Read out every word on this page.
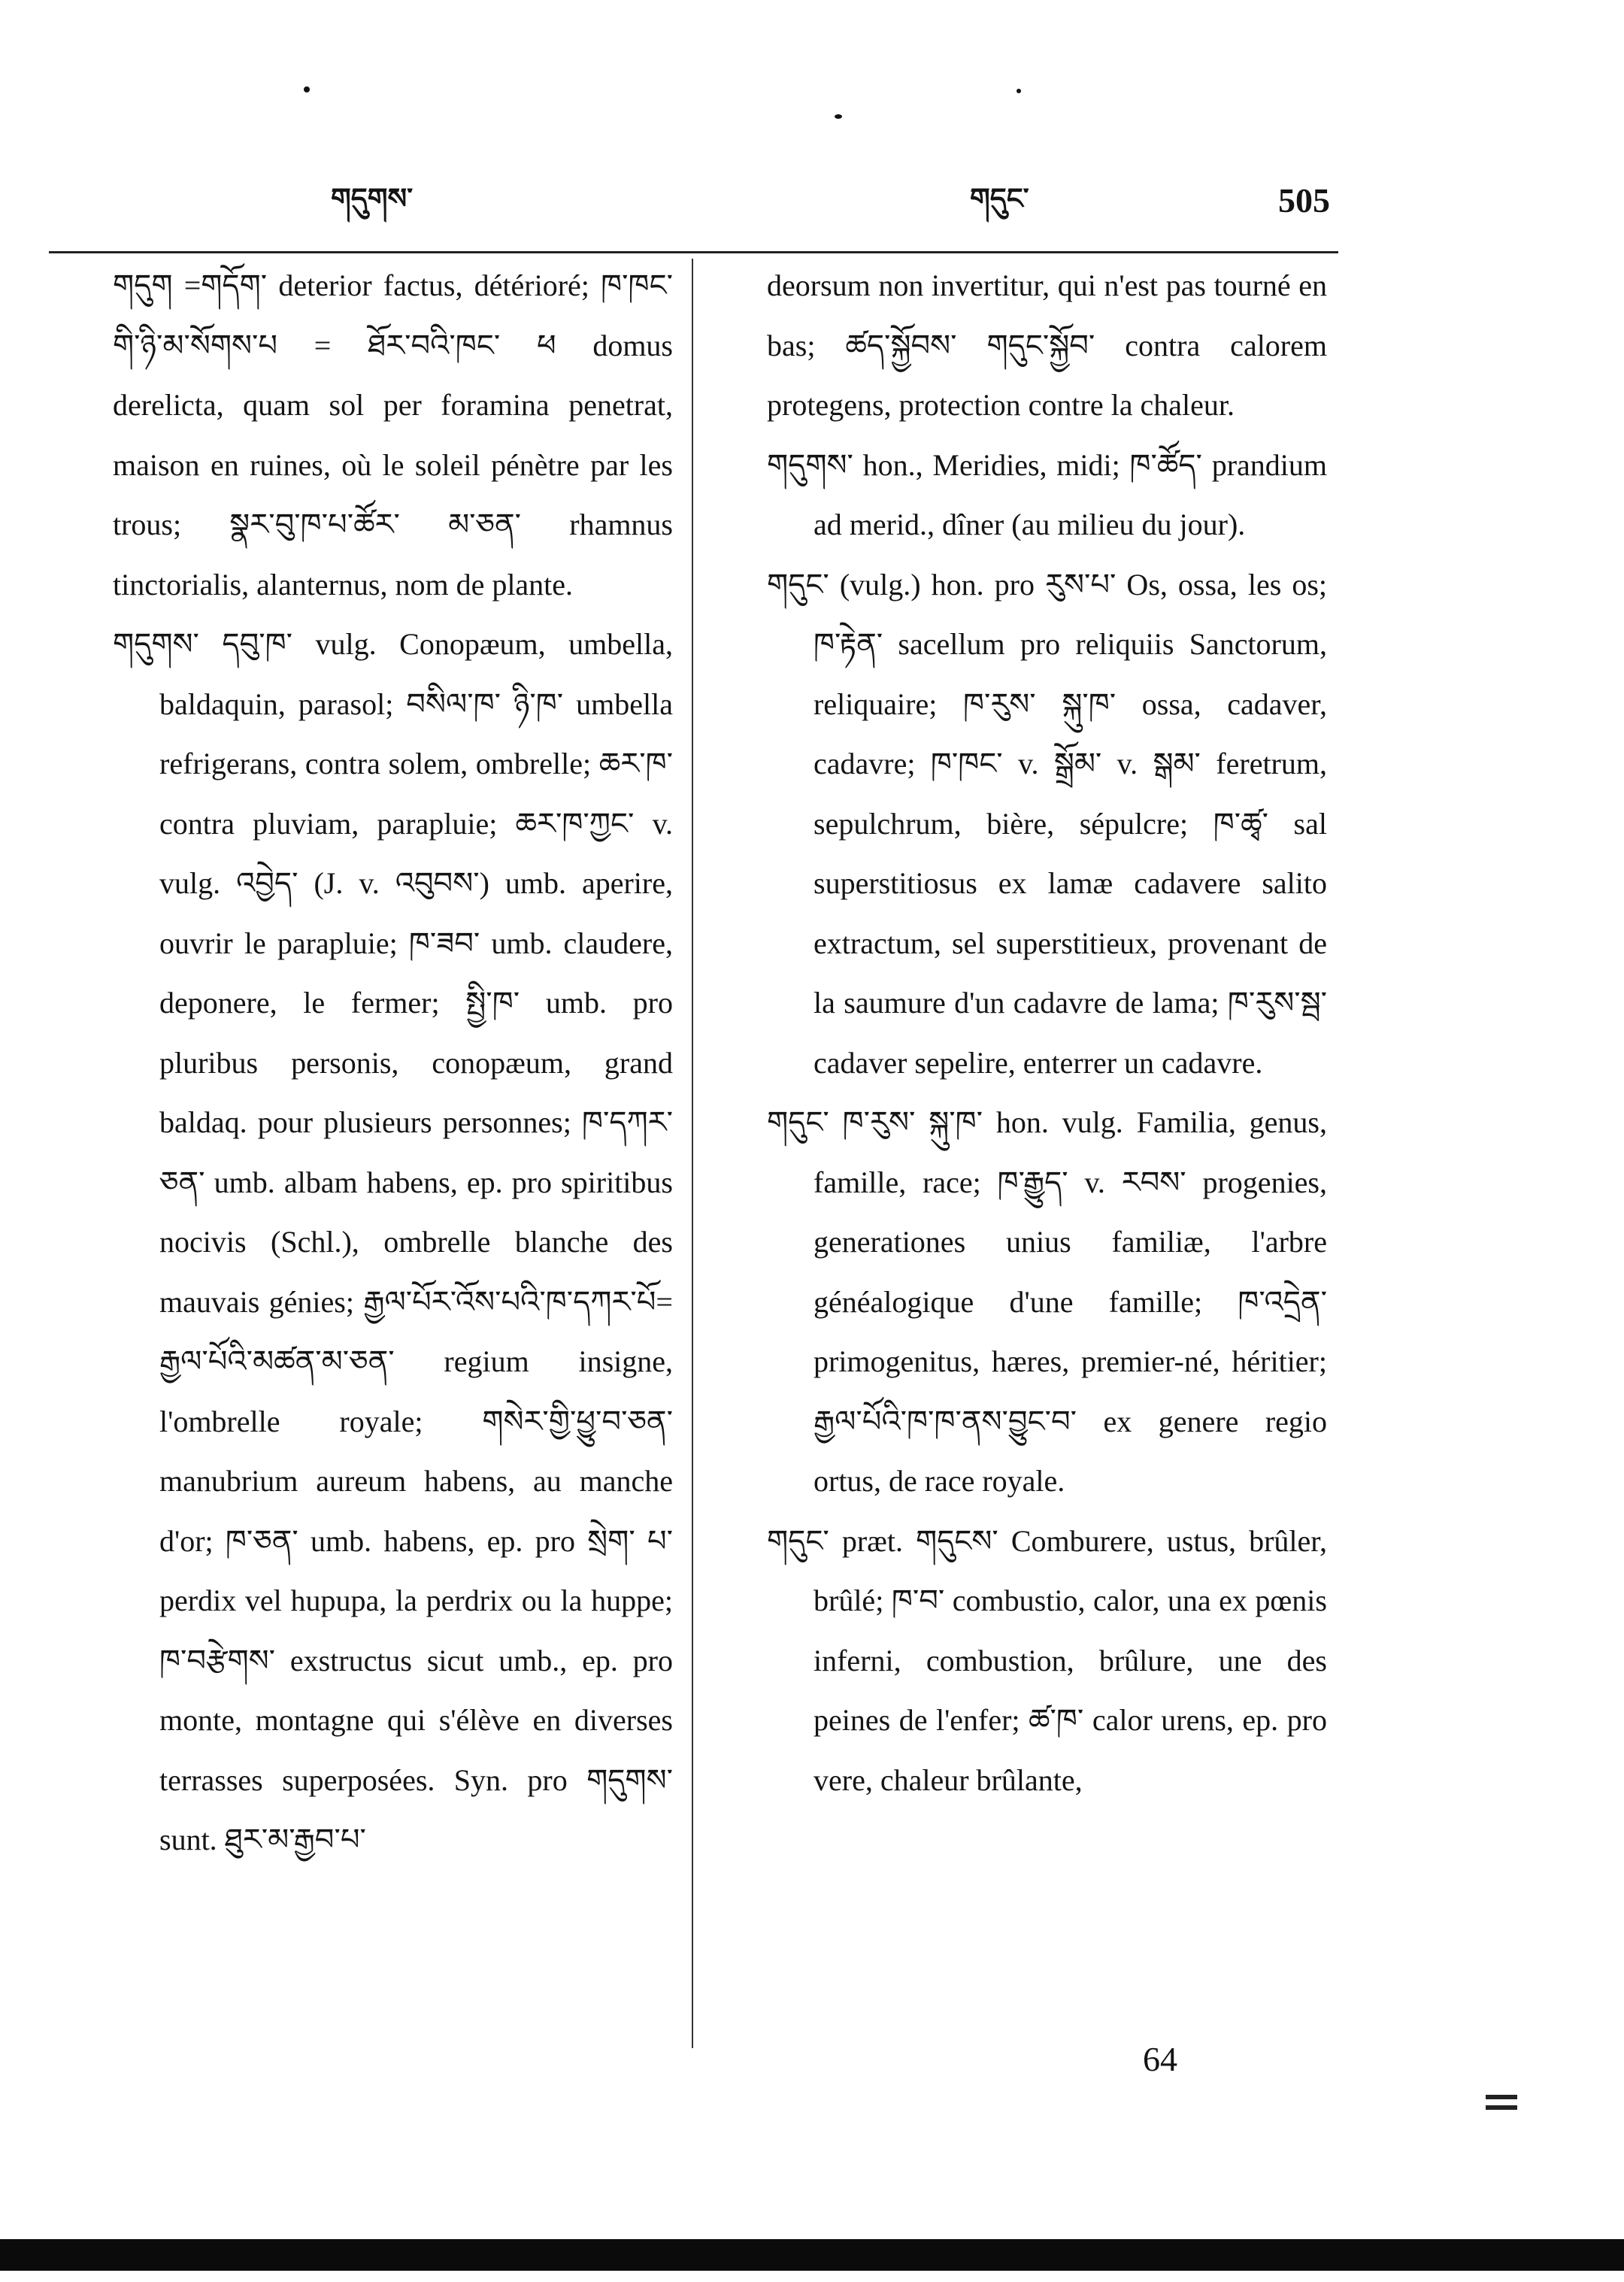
གདུགས་	གདུང་	505

གདུག =གདོག་ deterior factus, détérioré; ཁ་ཁང་གི་ཉི་མ་སོགས་པ = ཐོར་བའི་ཁང་ ཕ domus derelicta, quam sol per foramina penetrat, maison en ruines, où le soleil pénètre par les trous; སྣར་བུ་ཁ་པ་ཚོར་ མ་ཅན་ rhamnus tinctorialis, alanternus, nom de plante.

གདུགས་ དབུ་ཁ་ vulg. Conopæum, umbella, baldaquin, parasol; བསིལ་ཁ་ ཉི་ཁ་ umbella refrigerans, contra solem, ombrelle; ཆར་ཁ་ contra pluviam, parapluie; ཆར་ཁ་ཀྱང་ v. vulg. འབྱེད་ (J. v. འབུབས་) umb. aperire, ouvrir le parapluie; ཁ་ཟབ་ umb. claudere, deponere, le fermer; སྤྱི་ཁ་ umb. pro pluribus personis, conopæum, grand baldaq. pour plusieurs personnes; ཁ་དཀར་ཅན་ umb. albam habens, ep. pro spiritibus nocivis (Schl.), ombrelle blanche des mauvais génies; རྒྱལ་པོར་འོས་པའི་ཁ་དཀར་པོ= རྒྱལ་པོའི་མཚན་མ་ཅན་ regium insigne, l'ombrelle royale; གསེར་གྱི་ཕྱུ་བ་ཅན་ manubrium aureum habens, au manche d'or; ཁ་ཅན་ umb. habens, ep. pro སྲེག་ པ་ perdix vel hupupa, la perdrix ou la huppe; ཁ་བརྩེགས་ exstructus sicut umb., ep. pro monte, montagne qui s'élève en diverses terrasses superposées. Syn. pro གདུགས་ sunt. ཐུར་མ་རྒྱབ་པ་

deorsum non invertitur, qui n'est pas tourné en bas; ཚད་སྐྱོབས་ གདུང་སྐྱོབ་ contra calorem protegens, protection contre la chaleur.

གདུགས་ hon., Meridies, midi; ཁ་ཚོད་ prandium ad merid., dîner (au milieu du jour).

གདུང་ (vulg.) hon. pro རུས་པ་ Os, ossa, les os; ཁ་རྟེན་ sacellum pro reliquiis Sanctorum, reliquaire; ཁ་རུས་ སྐུ་ཁ་ ossa, cadaver, cadavre; ཁ་ཁང་ v. སྒྲོམ་ v. སྒམ་ feretrum, sepulchrum, bière, sépulcre; ཁ་ཚྭ་ sal superstitiosus ex lamæ cadavere salito extractum, sel superstitieux, provenant de la saumure d'un cadavre de lama; ཁ་རུས་སྦ་ cadaver sepelire, enterrer un cadavre.

གདུང་ ཁ་རུས་ སྐུ་ཁ་ hon. vulg. Familia, genus, famille, race; ཁ་རྒྱུད་ v. རབས་ progenies, generationes unius familiæ, l'arbre généalogique d'une famille; ཁ་འདྲེན་ primogenitus, hæres, premier-né, héritier; རྒྱལ་པོའི་ཁ་ཁ་ནས་བྱུང་བ་ ex genere regio ortus, de race royale.

གདུང་ præt. གདུངས་ Comburere, ustus, brûler, brûlé; ཁ་བ་ combustio, calor, una ex pœnis inferni, combustion, brûlure, une des peines de l'enfer; ཚ་ཁ་ calor urens, ep. pro vere, chaleur brûlante,

64
